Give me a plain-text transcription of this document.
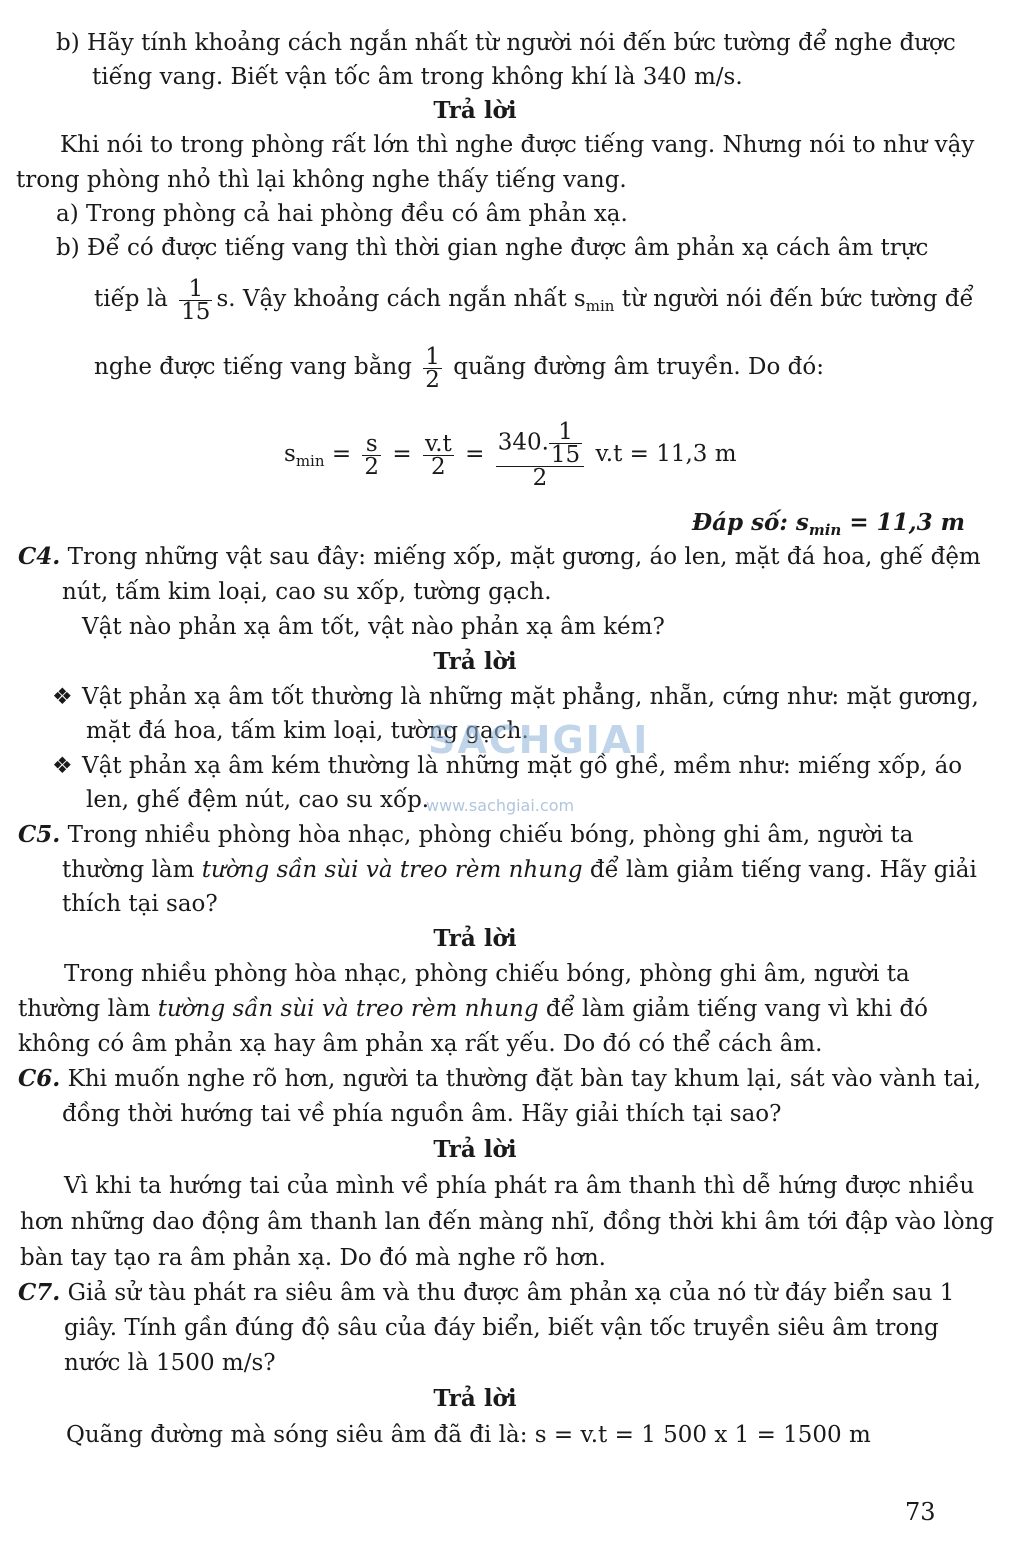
b) Hãy tính khoảng cách ngắn nhất từ người nói đến bức tường để nghe được
tiếng vang. Biết vận tốc âm trong không khí là 340 m/s.
Trả lời
Khi nói to trong phòng rất lớn thì nghe được tiếng vang. Nhưng nói to như vậy
trong phòng nhỏ thì lại không nghe thấy tiếng vang.
a) Trong phòng cả hai phòng đều có âm phản xạ.
b) Để có được tiếng vang thì thời gian nghe được âm phản xạ cách âm trực
tiếp là $\frac{1}{15} s$. Vậy khoảng cách ngắn nhất $s_{min}$ từ người nói đến bức tường để
nghe được tiếng vang bằng $\frac{1}{2}$ quãng đường âm truyền. Do đó:
$s_{min} = \frac{s}{2} = \frac{v.t}{2} = \frac{340. \frac{1}{15}}{2} v.t = 11,3$ m
Đáp số: $s_{min} = 11,3$ m
C4. Trong những vật sau đây: miếng xốp, mặt gương, áo len, mặt đá hoa, ghế đệm
nút, tấm kim loại, cao su xốp, tường gạch.
Vật nào phản xạ âm tốt, vật nào phản xạ âm kém?
Trả lời
❖ Vật phản xạ âm tốt thường là những mặt phẳng, nhẵn, cứng như: mặt gương,
mặt đá hoa, tấm kim loại, tường gạch.
❖ Vật phản xạ âm kém thường là những mặt gồ ghề, mềm như: miếng xốp, áo
len, ghế đệm nút, cao su xốp.
C5. Trong nhiều phòng hòa nhạc, phòng chiếu bóng, phòng ghi âm, người ta
thường làm tường sần sùi và treo rèm nhung để làm giảm tiếng vang. Hãy giải
thích tại sao?
Trả lời
Trong nhiều phòng hòa nhạc, phòng chiếu bóng, phòng ghi âm, người ta
thường làm tường sần sùi và treo rèm nhung để làm giảm tiếng vang vì khi đó
không có âm phản xạ hay âm phản xạ rất yếu. Do đó có thể cách âm.
C6. Khi muốn nghe rõ hơn, người ta thường đặt bàn tay khum lại, sát vào vành tai,
đồng thời hướng tai về phía nguồn âm. Hãy giải thích tại sao?
Trả lời
Vì khi ta hướng tai của mình về phía phát ra âm thanh thì dễ hứng được nhiều
hơn những dao động âm thanh lan đến màng nhĩ, đồng thời khi âm tới đập vào lòng
bàn tay tạo ra âm phản xạ. Do đó mà nghe rõ hơn.
C7. Giả sử tàu phát ra siêu âm và thu được âm phản xạ của nó từ đáy biển sau 1
giây. Tính gần đúng độ sâu của đáy biển, biết vận tốc truyền siêu âm trong
nước là 1500 m/s?
Trả lời
Quãng đường mà sóng siêu âm đã đi là: s = v.t = 1 500 x 1 = 1500 m
SACHGIAI
www.sachgiai.com
73
